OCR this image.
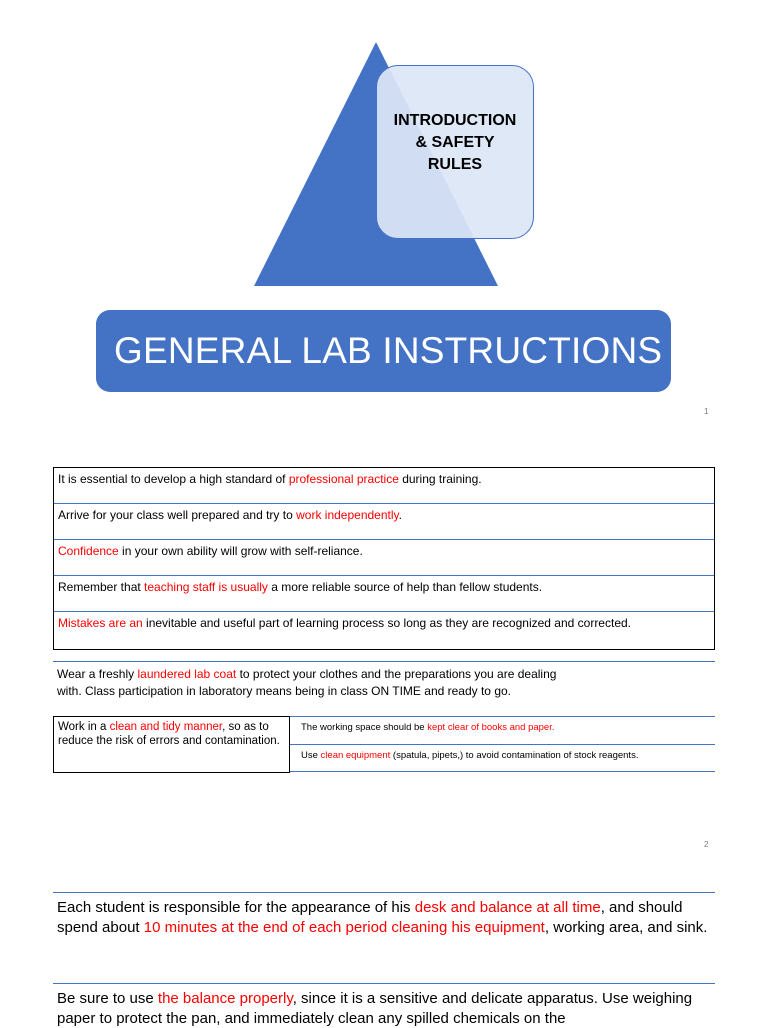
INTRODUCTION
& SAFETY
RULES
GENERAL LAB INSTRUCTIONS
1
It is essential to develop a high standard of professional practice during training.
Arrive for your class well prepared and try to work independently.
Confidence in your own ability will grow with self-reliance.
Remember that teaching staff is usually a more reliable source of help than fellow students.
Mistakes are an inevitable and useful part of learning process so long as they are recognized and corrected.
Wear a freshly laundered lab coat to protect your clothes and the preparations you are dealing
with. Class participation in laboratory means being in class ON TIME and ready to go.
Work in a clean and tidy manner, so as to reduce the risk of errors and contamination.
The working space should be kept clear of books and paper.
Use clean equipment (spatula, pipets,) to avoid contamination of stock reagents.
2
Each student is responsible for the appearance of his desk and balance at all time, and should spend about 10 minutes at the end of each period cleaning his equipment, working area, and sink.
Be sure to use the balance properly, since it is a sensitive and delicate apparatus. Use weighing paper to protect the pan, and immediately clean any spilled chemicals on the
